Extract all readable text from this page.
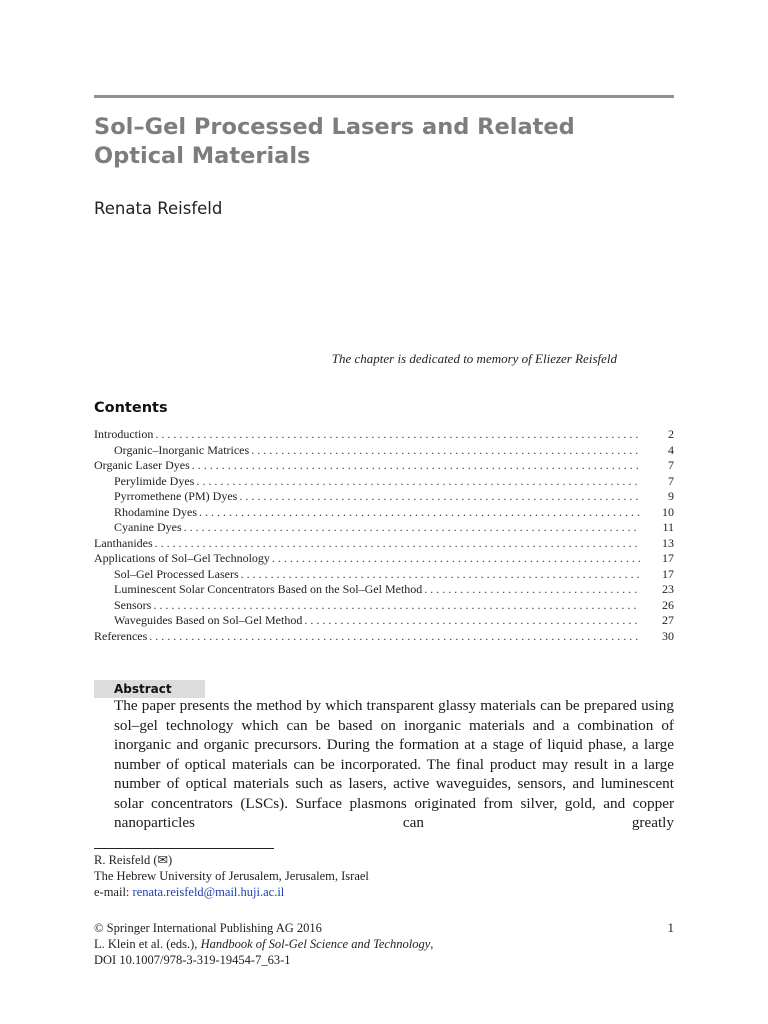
Sol–Gel Processed Lasers and Related
Optical Materials
Renata Reisfeld
The chapter is dedicated to memory of Eliezer Reisfeld
Contents
Introduction . . .	2
Organic–Inorganic Matrices . . .	4
Organic Laser Dyes . . .	7
Perylimide Dyes . . .	7
Pyrromethene (PM) Dyes . . .	9
Rhodamine Dyes . . .	10
Cyanine Dyes . . .	11
Lanthanides . . .	13
Applications of Sol–Gel Technology . . .	17
Sol–Gel Processed Lasers . . .	17
Luminescent Solar Concentrators Based on the Sol–Gel Method . . .	23
Sensors . . .	26
Waveguides Based on Sol–Gel Method . . .	27
References . . .	30
Abstract
The paper presents the method by which transparent glassy materials can be prepared using sol–gel technology which can be based on inorganic materials and a combination of inorganic and organic precursors. During the formation at a stage of liquid phase, a large number of optical materials can be incorporated. The final product may result in a large number of optical materials such as lasers, active waveguides, sensors, and luminescent solar concentrators (LSCs). Surface plasmons originated from silver, gold, and copper nanoparticles can greatly
R. Reisfeld (✉)
The Hebrew University of Jerusalem, Jerusalem, Israel
e-mail: renata.reisfeld@mail.huji.ac.il
© Springer International Publishing AG 2016
L. Klein et al. (eds.), Handbook of Sol-Gel Science and Technology,
DOI 10.1007/978-3-319-19454-7_63-1
1
